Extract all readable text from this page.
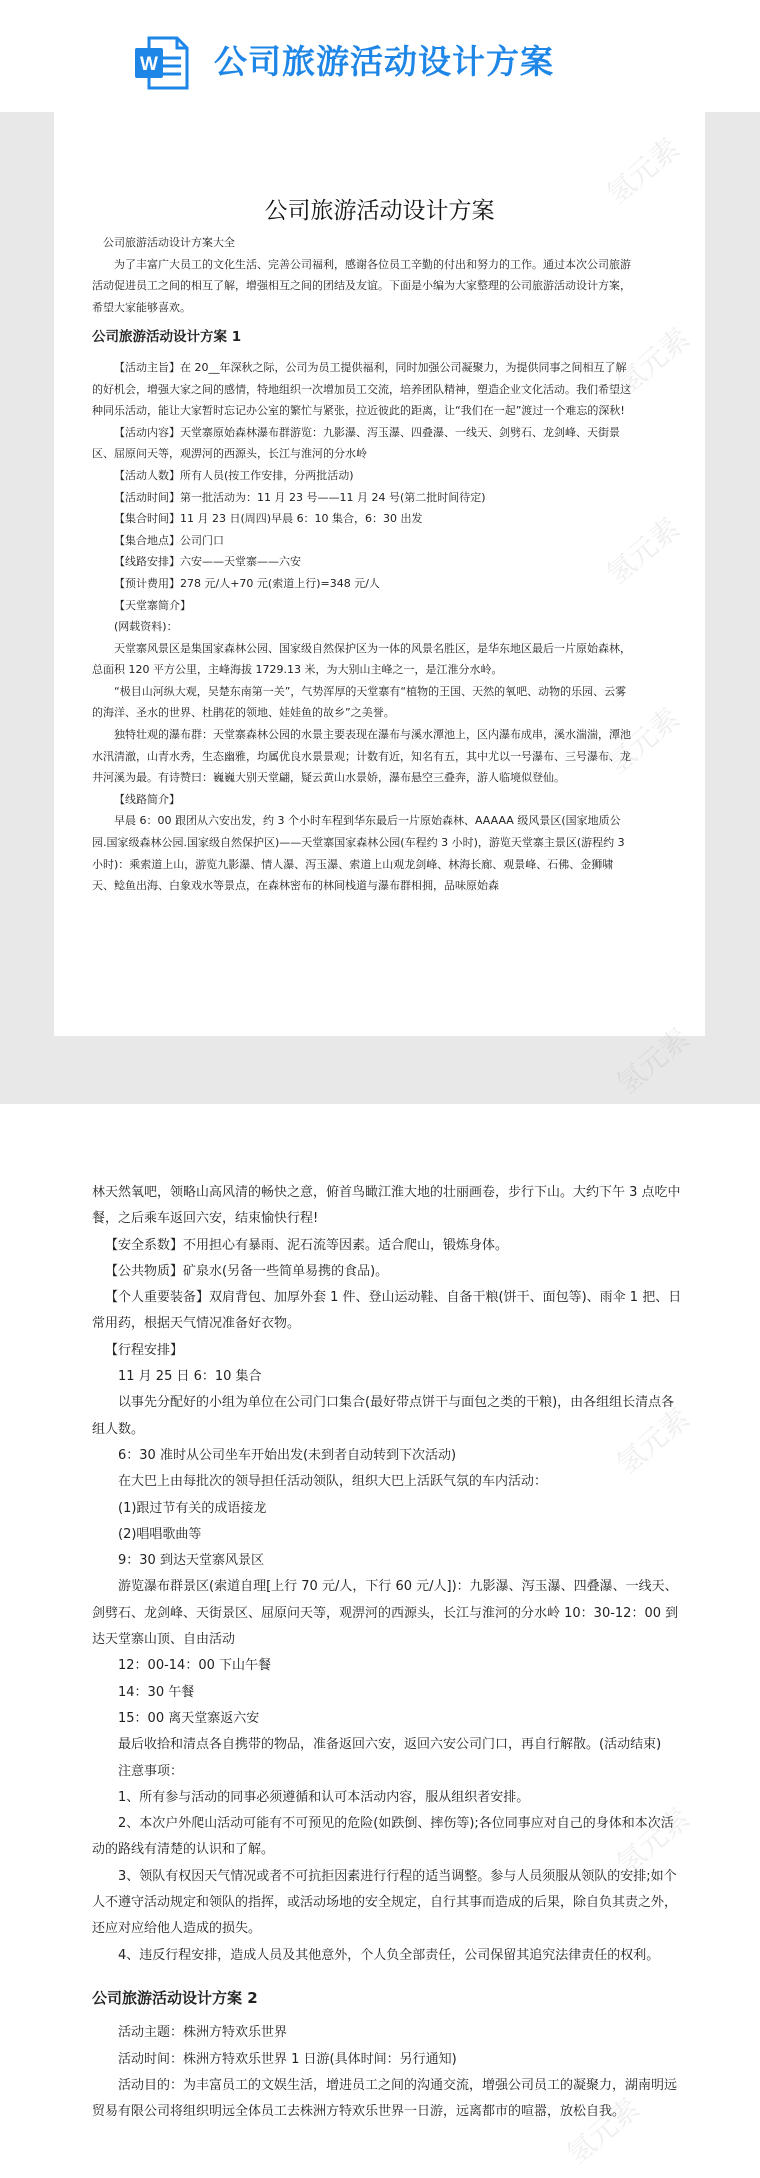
W 公司旅游活动设计方案
公司旅游活动设计方案

公司旅游活动设计方案大全

为了丰富广大员工的文化生活、完善公司福利，感谢各位员工辛勤的付出和努力的工作。通过本次公司旅游活动促进员工之间的相互了解，增强相互之间的团结及友谊。下面是小编为大家整理的公司旅游活动设计方案，希望大家能够喜欢。

公司旅游活动设计方案 1

【活动主旨】在 20__年深秋之际，公司为员工提供福利，同时加强公司凝聚力，为提供同事之间相互了解的好机会，增强大家之间的感情，特地组织一次增加员工交流，培养团队精神，塑造企业文化活动。我们希望这种同乐活动，能让大家暂时忘记办公室的繁忙与紧张，拉近彼此的距离，让“我们在一起”渡过一个难忘的深秋!

【活动内容】天堂寨原始森林瀑布群游览：九影瀑、泻玉瀑、四叠瀑、一线天、剑劈石、龙剑峰、天街景区、屈原问天等，观淠河的西源头，长江与淮河的分水岭

【活动人数】所有人员(按工作安排，分两批活动)

【活动时间】第一批活动为：11 月 23 号——11 月 24 号(第二批时间待定)

【集合时间】11 月 23 日(周四)早晨 6：10 集合，6：30 出发

【集合地点】公司门口

【线路安排】六安——天堂寨——六安

【预计费用】278 元/人+70 元(索道上行)=348 元/人

【天堂寨简介】

(网载资料)：

天堂寨风景区是集国家森林公园、国家级自然保护区为一体的风景名胜区，是华东地区最后一片原始森林，总面积 120 平方公里，主峰海拔 1729.13 米，为大别山主峰之一，是江淮分水岭。

“极目山河纵大观，吴楚东南第一关”，气势浑厚的天堂寨有“植物的王国、天然的氧吧、动物的乐园、云雾的海洋、圣水的世界、杜鹃花的领地、娃娃鱼的故乡”之美誉。

独特壮观的瀑布群：天堂寨森林公园的水景主要表现在瀑布与溪水潭池上，区内瀑布成串，溪水湍湍，潭池水汛清澈，山青水秀，生态幽雅，均属优良水景景观；计数有近，知名有五，其中尤以一号瀑布、三号瀑布、龙井河溪为最。有诗赞曰：巍巍大别天堂翩，疑云黄山水景娇，瀑布悬空三叠奔，游人临境似登仙。

【线路简介】

早晨 6：00 跟团从六安出发，约 3 个小时车程到华东最后一片原始森林、AAAAA 级风景区(国家地质公园.国家级森林公园.国家级自然保护区)——天堂寨国家森林公园(车程约 3 小时)，游览天堂寨主景区(游程约 3 小时)：乘索道上山，游览九影瀑、情人瀑、泻玉瀑、索道上山观龙剑峰、林海长廊、观景峰、石佛、金狮啸天、鲶鱼出海、白象戏水等景点，在森林密布的林间栈道与瀑布群相拥，品味原始森

林天然氧吧，领略山高风清的畅快之意，俯首鸟瞰江淮大地的壮丽画卷，步行下山。大约下午 3 点吃中餐，之后乘车返回六安，结束愉快行程!

【安全系数】不用担心有暴雨、泥石流等因素。适合爬山，锻炼身体。

【公共物质】矿泉水(另备一些简单易携的食品)。

【个人重要装备】双肩背包、加厚外套 1 件、登山运动鞋、自备干粮(饼干、面包等)、雨伞 1 把、日常用药，根据天气情况准备好衣物。

【行程安排】

11 月 25 日 6：10 集合

以事先分配好的小组为单位在公司门口集合(最好带点饼干与面包之类的干粮)，由各组组长清点各组人数。

6：30 准时从公司坐车开始出发(未到者自动转到下次活动)

在大巴上由每批次的领导担任活动领队，组织大巴上活跃气氛的车内活动：

(1)跟过节有关的成语接龙

(2)唱唱歌曲等

9：30 到达天堂寨风景区

游览瀑布群景区(索道自理[上行 70 元/人，下行 60 元/人])：九影瀑、泻玉瀑、四叠瀑、一线天、剑劈石、龙剑峰、天街景区、屈原问天等，观淠河的西源头，长江与淮河的分水岭 10：30-12：00 到达天堂寨山顶、自由活动

12：00-14：00 下山午餐

14：30 午餐

15：00 离天堂寨返六安

最后收拾和清点各自携带的物品，准备返回六安，返回六安公司门口，再自行解散。(活动结束)

注意事项：

1、所有参与活动的同事必须遵循和认可本活动内容，服从组织者安排。

2、本次户外爬山活动可能有不可预见的危险(如跌倒、摔伤等);各位同事应对自己的身体和本次活动的路线有清楚的认识和了解。

3、领队有权因天气情况或者不可抗拒因素进行行程的适当调整。参与人员须服从领队的安排;如个人不遵守活动规定和领队的指挥，或活动场地的安全规定，自行其事而造成的后果，除自负其责之外，还应对应给他人造成的损失。

4、违反行程安排，造成人员及其他意外，个人负全部责任，公司保留其追究法律责任的权利。

公司旅游活动设计方案 2

活动主题：株洲方特欢乐世界

活动时间：株洲方特欢乐世界 1 日游(具体时间：另行通知)

活动目的：为丰富员工的文娱生活，增进员工之间的沟通交流，增强公司员工的凝聚力，湖南明远贸易有限公司将组织明远全体员工去株洲方特欢乐世界一日游，远离都市的喧嚣，放松自我。

氢元素
氢元素
氢元素
